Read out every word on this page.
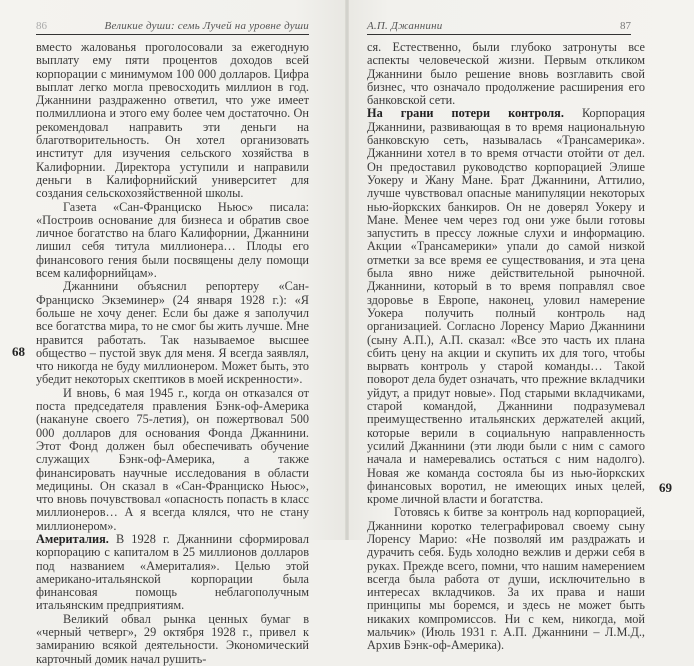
86	Великие души: семь Лучей на уровне души

вместо жалованья проголосовали за ежегодную выплату ему пяти процентов доходов всей корпорации с минимумом 100 000 долларов. Цифра выплат легко могла превосходить миллион в год. Джаннини раздраженно ответил, что уже имеет полмиллиона и этого ему более чем достаточно. Он рекомендовал направить эти деньги на благотворительность. Он хотел организовать институт для изучения сельского хозяйства в Калифорнии. Директора уступили и направили деньги в Калифорнийский университет для создания сельскохозяйственной школы.

Газета «Сан-Франциско Ньюс» писала: «Построив основание для бизнеса и обратив свое личное богатство на благо Калифорнии, Джаннини лишил себя титула миллионера… Плоды его финансового гения были посвящены делу помощи всем калифорнийцам».

Джаннини объяснил репортеру «Сан-Франциско Экземинер» (24 января 1928 г.): «Я больше не хочу денег. Если бы даже я заполучил все богатства мира, то не смог бы жить лучше. Мне нравится работать. Так называемое высшее общество – пустой звук для меня. Я всегда заявлял, что никогда не буду миллионером. Может быть, это убедит некоторых скептиков в моей искренности».

И вновь, 6 мая 1945 г., когда он отказался от поста председателя правления Бэнк-оф-Америка (накануне своего 75-летия), он пожертвовал 500 000 долларов для основания Фонда Джаннини. Этот Фонд должен был обеспечивать обучение служащих Бэнк-оф-Америка, а также финансировать научные исследования в области медицины. Он сказал в «Сан-Франциско Ньюс», что вновь почувствовал «опасность попасть в класс миллионеров… А я всегда клялся, что не стану миллионером».

Америталия. В 1928 г. Джаннини сформировал корпорацию с капиталом в 25 миллионов долларов под названием «Америталия». Целью этой американо-итальянской корпорации была финансовая помощь неблагополучным итальянским предприятиям.

Великий обвал рынка ценных бумаг в «черный четверг», 29 октября 1928 г., привел к замиранию всякой деятельности. Экономический карточный домик начал рушить-

68
А.П. Джаннини	87

ся. Естественно, были глубоко затронуты все аспекты человеческой жизни. Первым откликом Джаннини было решение вновь возглавить свой бизнес, что означало продолжение расширения его банковской сети.

На грани потери контроля. Корпорация Джаннини, развивающая в то время национальную банковскую сеть, называлась «Трансамерика». Джаннини хотел в то время отчасти отойти от дел. Он предоставил руководство корпорацией Элише Уокеру и Жану Мане. Брат Джаннини, Аттилио, лучше чувствовал опасные манипуляции некоторых нью-йоркских банкиров. Он не доверял Уокеру и Мане. Менее чем через год они уже были готовы запустить в прессу ложные слухи и информацию. Акции «Трансамерики» упали до самой низкой отметки за все время ее существования, и эта цена была явно ниже действительной рыночной. Джаннини, который в то время поправлял свое здоровье в Европе, наконец, уловил намерение Уокера получить полный контроль над организацией. Согласно Лоренсу Марио Джаннини (сыну А.П.), А.П. сказал: «Все это часть их плана сбить цену на акции и скупить их для того, чтобы вырвать контроль у старой команды… Такой поворот дела будет означать, что прежние вкладчики уйдут, а придут новые». Под старыми вкладчиками, старой командой, Джаннини подразумевал преимущественно итальянских держателей акций, которые верили в социальную направленность усилий Джаннини (эти люди были с ним с самого начала и намеревались остаться с ним надолго). Новая же команда состояла бы из нью-йоркских финансовых воротил, не имеющих иных целей, кроме личной власти и богатства.

Готовясь к битве за контроль над корпорацией, Джаннини коротко телеграфировал своему сыну Лоренсу Марио: «Не позволяй им раздражать и дурачить себя. Будь холодно вежлив и держи себя в руках. Прежде всего, помни, что нашим намерением всегда была работа от души, исключительно в интересах вкладчиков. За их права и наши принципы мы боремся, и здесь не может быть никаких компромиссов. Ни с кем, никогда, мой мальчик» (Июль 1931 г. А.П. Джаннини – Л.М.Д., Архив Бэнк-оф-Америка).

69
